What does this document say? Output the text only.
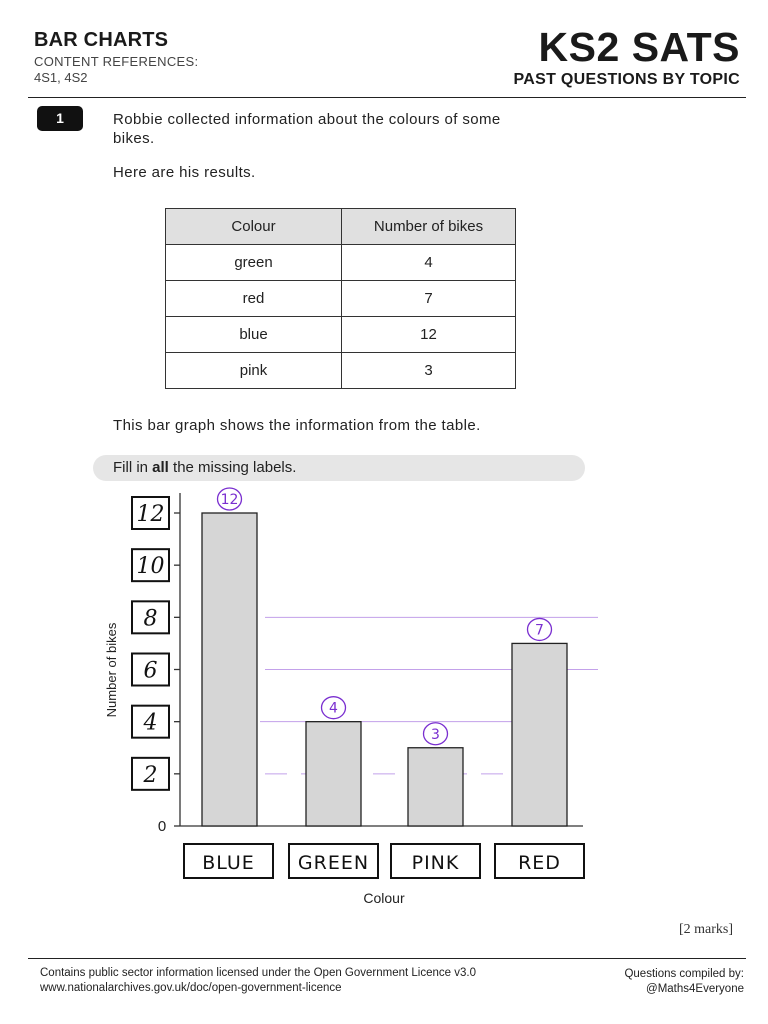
BAR CHARTS
CONTENT REFERENCES:
4S1, 4S2
KS2 SATS
PAST QUESTIONS BY TOPIC
1	Robbie collected information about the colours of some bikes.
Here are his results.
Colour	Number of bikes
green	4
red	7
blue	12
pink	3
This bar graph shows the information from the table.
Fill in all the missing labels.
0
2
4
6
8
10
12
Number of bikes
12
BLUE
4
GREEN
3
PINK
7
RED
Colour
[2 marks]
Contains public sector information licensed under the Open Government Licence v3.0
www.nationalarchives.gov.uk/doc/open-government-licence
Questions compiled by:
@Maths4Everyone
